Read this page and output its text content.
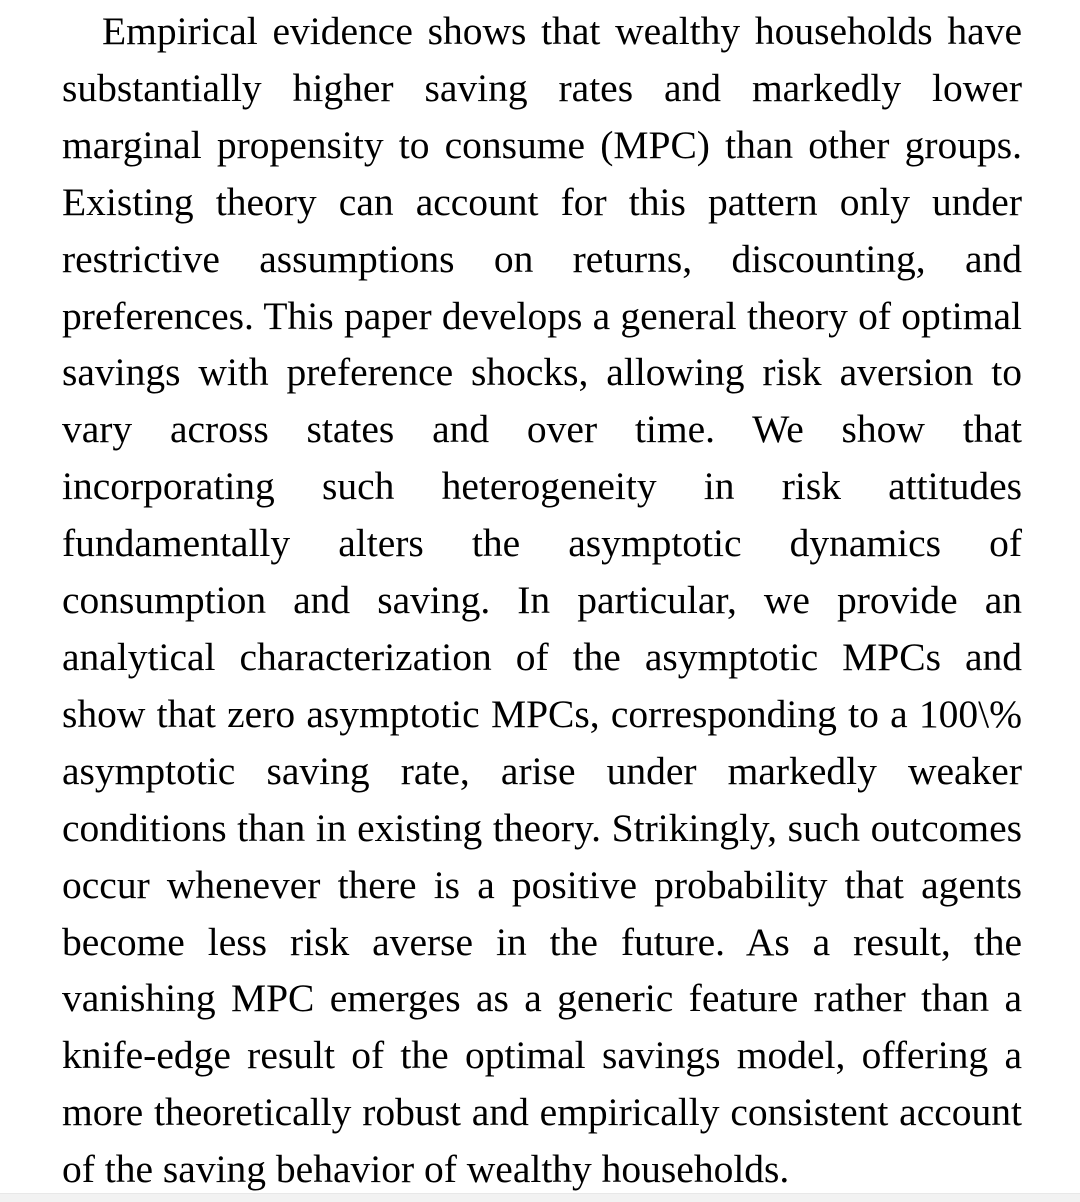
Empirical evidence shows that wealthy households have
substantially higher saving rates and markedly lower
marginal propensity to consume (MPC) than other groups.
Existing theory can account for this pattern only under
restrictive assumptions on returns, discounting, and
preferences. This paper develops a general theory of optimal
savings with preference shocks, allowing risk aversion to
vary across states and over time. We show that
incorporating such heterogeneity in risk attitudes
fundamentally alters the asymptotic dynamics of
consumption and saving. In particular, we provide an
analytical characterization of the asymptotic MPCs and
show that zero asymptotic MPCs, corresponding to a 100\%
asymptotic saving rate, arise under markedly weaker
conditions than in existing theory. Strikingly, such outcomes
occur whenever there is a positive probability that agents
become less risk averse in the future. As a result, the
vanishing MPC emerges as a generic feature rather than a
knife-edge result of the optimal savings model, offering a
more theoretically robust and empirically consistent account
of the saving behavior of wealthy households.
